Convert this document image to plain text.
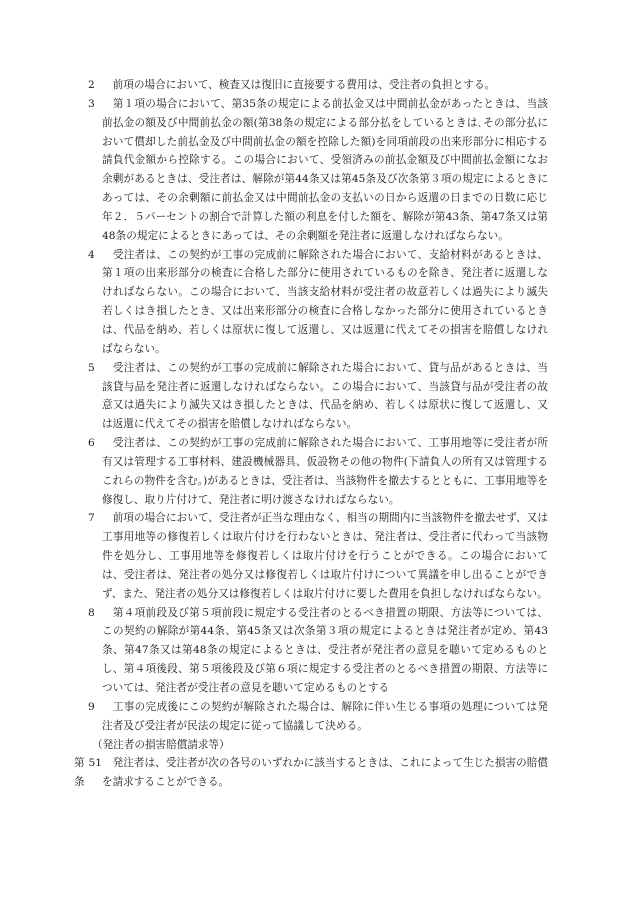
2 　前項の場合において、検査又は復旧に直接要する費用は、受注者の負担とする。

3 　第１項の場合において、第35条の規定による前払金又は中間前払金があったときは、当該前払金の額及び中間前払金の額(第38条の規定による部分払をしているときは､その部分払において償却した前払金及び中間前払金の額を控除した額)を同項前段の出来形部分に相応する請負代金額から控除する。この場合において、受領済みの前払金額及び中間前払金額になお余剰があるときは、受注者は、解除が第44条又は第45条及び次条第３項の規定によるときにあっては、その余剰額に前払金又は中間前払金の支払いの日から返還の日までの日数に応じ年２．５パーセントの割合で計算した額の利息を付した額を、解除が第43条、第47条又は第48条の規定によるときにあっては、その余剰額を発注者に返還しなければならない。

4 　受注者は、この契約が工事の完成前に解除された場合において、支給材料があるときは、第１項の出来形部分の検査に合格した部分に使用されているものを除き、発注者に返還しなければならない。この場合において、当該支給材料が受注者の故意若しくは過失により滅失若しくはき損したとき、又は出来形部分の検査に合格しなかった部分に使用されているときは、代品を納め、若しくは原状に復して返還し、又は返還に代えてその損害を賠償しなければならない。

5 　受注者は、この契約が工事の完成前に解除された場合において、貸与品があるときは、当該貸与品を発注者に返還しなければならない。この場合において、当該貸与品が受注者の故意又は過失により滅失又はき損したときは、代品を納め、若しくは原状に復して返還し、又は返還に代えてその損害を賠償しなければならない。

6 　受注者は、この契約が工事の完成前に解除された場合において、工事用地等に受注者が所有又は管理する工事材料、建設機械器具、仮設物その他の物件(下請負人の所有又は管理するこれらの物件を含む。)があるときは、受注者は、当該物件を撤去するとともに、工事用地等を修復し、取り片付けて、発注者に明け渡さなければならない。

7 　前項の場合において、受注者が正当な理由なく、相当の期間内に当該物件を撤去せず、又は工事用地等の修復若しくは取片付けを行わないときは、発注者は、受注者に代わって当該物件を処分し、工事用地等を修復若しくは取片付けを行うことができる。この場合においては、受注者は、発注者の処分又は修復若しくは取片付けについて異議を申し出ることができず、また、発注者の処分又は修復若しくは取片付けに要した費用を負担しなければならない。

8 　第４項前段及び第５項前段に規定する受注者のとるべき措置の期限、方法等については、この契約の解除が第44条、第45条又は次条第３項の規定によるときは発注者が定め、第43条、第47条又は第48条の規定によるときは、受注者が発注者の意見を聴いて定めるものとし、第４項後段、第５項後段及び第６項に規定する受注者のとるべき措置の期限、方法等については、発注者が受注者の意見を聴いて定めるものとする

9 　工事の完成後にこの契約が解除された場合は、解除に伴い生じる事項の処理については発注者及び受注者が民法の規定に従って協議して決める。

（発注者の損害賠償請求等）

第51条
　発注者は、受注者が次の各号のいずれかに該当するときは、これによって生じた損害の賠償を請求することができる。
